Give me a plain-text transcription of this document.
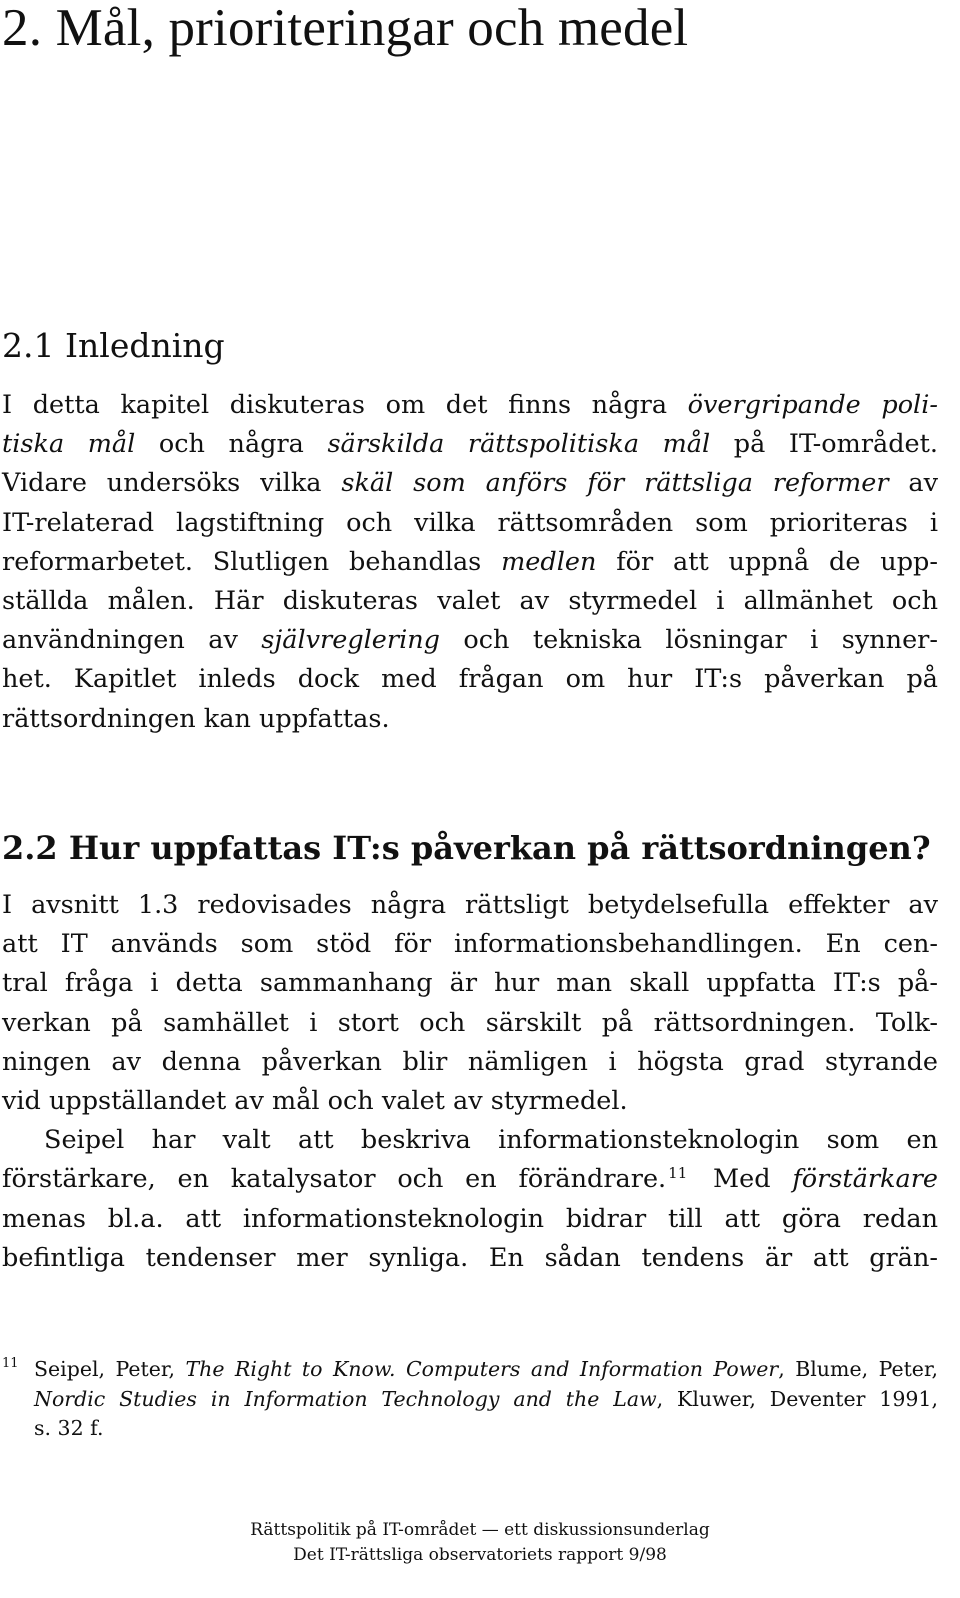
2. Mål, prioriteringar och medel
2.1 Inledning
I detta kapitel diskuteras om det finns några övergripande poli-
tiska mål och några särskilda rättspolitiska mål på IT-området.
Vidare undersöks vilka skäl som anförs för rättsliga reformer av
IT-relaterad lagstiftning och vilka rättsområden som prioriteras i
reformarbetet. Slutligen behandlas medlen för att uppnå de upp-
ställda målen. Här diskuteras valet av styrmedel i allmänhet och
användningen av självreglering och tekniska lösningar i synner-
het. Kapitlet inleds dock med frågan om hur IT:s påverkan på
rättsordningen kan uppfattas.
2.2 Hur uppfattas IT:s påverkan på rättsordningen?
I avsnitt 1.3 redovisades några rättsligt betydelsefulla effekter av
att IT används som stöd för informationsbehandlingen. En cen-
tral fråga i detta sammanhang är hur man skall uppfatta IT:s på-
verkan på samhället i stort och särskilt på rättsordningen. Tolk-
ningen av denna påverkan blir nämligen i högsta grad styrande
vid uppställandet av mål och valet av styrmedel.
Seipel har valt att beskriva informationsteknologin som en
förstärkare, en katalysator och en förändrare. $^{11}$ Med förstärkare
menas bl.a. att informationsteknologin bidrar till att göra redan
befintliga tendenser mer synliga. En sådan tendens är att grän-
11 Seipel, Peter, The Right to Know. Computers and Information Power, Blume, Peter,
Nordic Studies in Information Technology and the Law, Kluwer, Deventer 1991,
s. 32 f.
Rättspolitik på IT-området — ett diskussionsunderlag
Det IT-rättsliga observatoriets rapport 9/98
